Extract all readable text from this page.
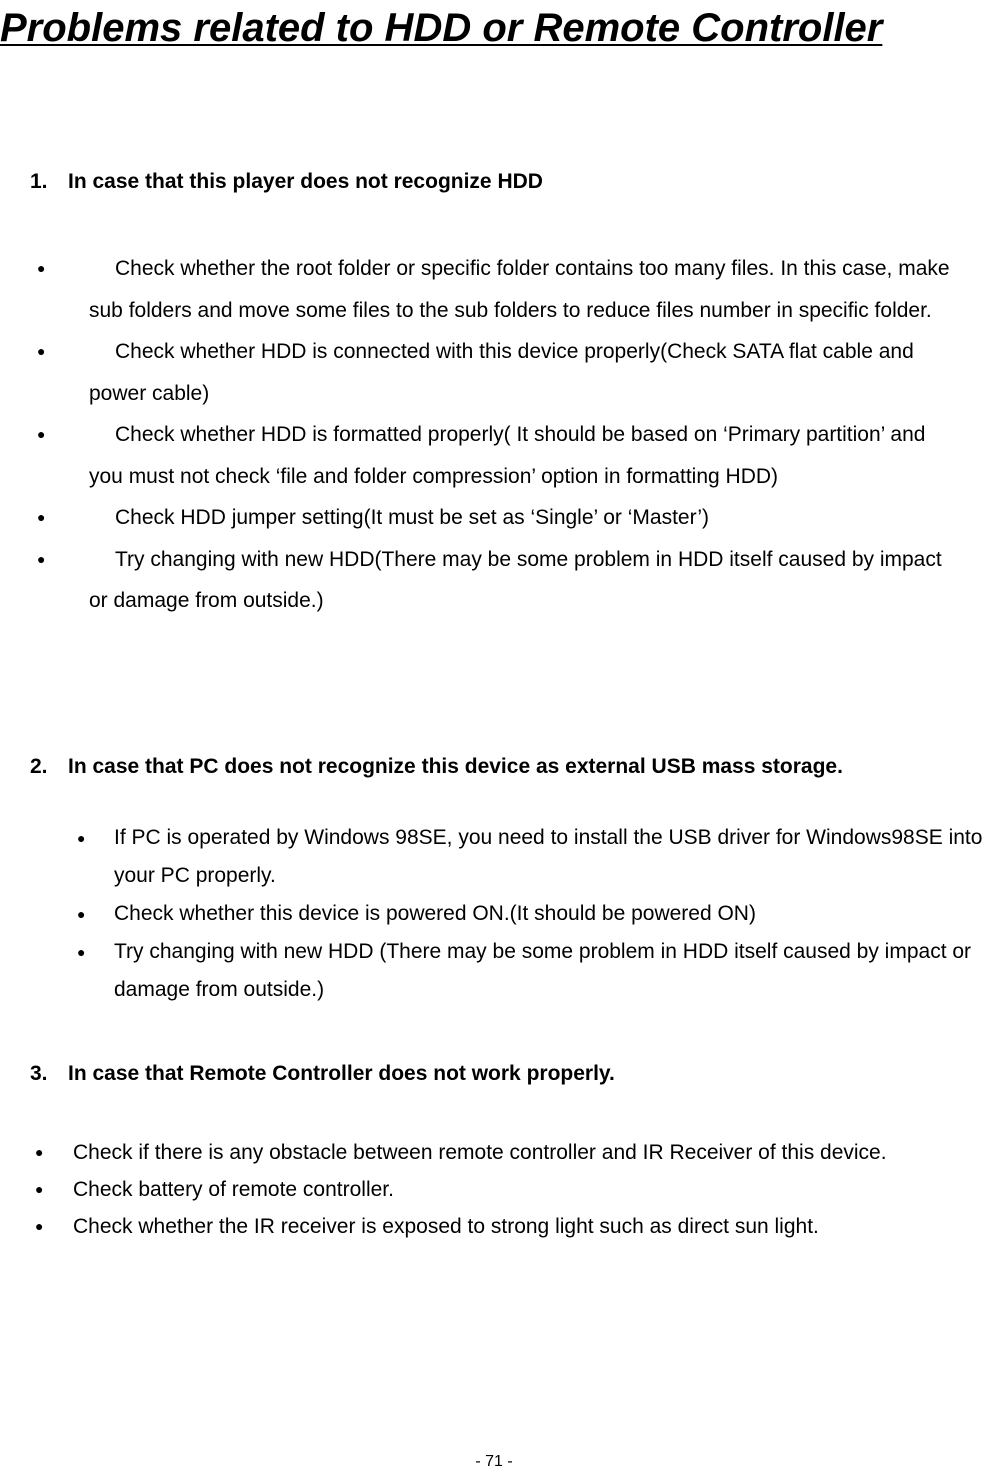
Problems related to HDD or Remote Controller
1. In case that this player does not recognize HDD
●	Check whether the root folder or specific folder contains too many files. In this case, make sub folders and move some files to the sub folders to reduce files number in specific folder.
●	Check whether HDD is connected with this device properly(Check SATA flat cable and power cable)
●	Check whether HDD is formatted properly( It should be based on ‘Primary partition’ and you must not check ‘file and folder compression’ option in formatting HDD)
●	Check HDD jumper setting(It must be set as ‘Single’ or ‘Master’)
●	Try changing with new HDD(There may be some problem in HDD itself caused by impact or damage from outside.)
2. In case that PC does not recognize this device as external USB mass storage.
● If PC is operated by Windows 98SE, you need to install the USB driver for Windows98SE into your PC properly.
● Check whether this device is powered ON.(It should be powered ON)
● Try changing with new HDD (There may be some problem in HDD itself caused by impact or damage from outside.)
3. In case that Remote Controller does not work properly.
● Check if there is any obstacle between remote controller and IR Receiver of this device.
● Check battery of remote controller.
● Check whether the IR receiver is exposed to strong light such as direct sun light.
- 71 -
